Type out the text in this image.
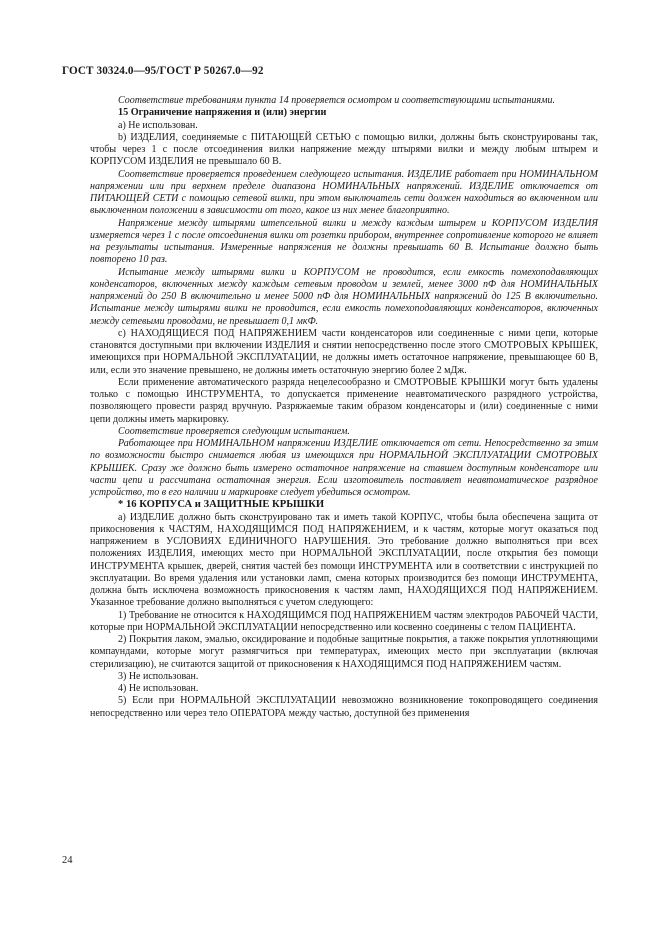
ГОСТ 30324.0—95/ГОСТ Р 50267.0—92

Соответствие требованиям пункта 14 проверяется осмотром и соответствующими испытаниями.

15 Ограничение напряжения и (или) энергии

a) Не использован.

b) ИЗДЕЛИЯ, соединяемые с ПИТАЮЩЕЙ СЕТЬЮ с помощью вилки, должны быть сконструированы так, чтобы через 1 с после отсоединения вилки напряжение между штырями вилки и между любым штырем и КОРПУСОМ ИЗДЕЛИЯ не превышало 60 В.

Соответствие проверяется проведением следующего испытания. ИЗДЕЛИЕ работает при НОМИНАЛЬНОМ напряжении или при верхнем пределе диапазона НОМИНАЛЬНЫХ напряжений. ИЗДЕЛИЕ отключается от ПИТАЮЩЕЙ СЕТИ с помощью сетевой вилки, при этом выключатель сети должен находиться во включенном или выключенном положении в зависимости от того, какое из них менее благоприятно.

Напряжение между штырями штепсельной вилки и между каждым штырем и КОРПУСОМ ИЗДЕЛИЯ измеряется через 1 с после отсоединения вилки от розетки прибором, внутреннее сопротивление которого не влияет на результаты испытания. Измеренные напряжения не должны превышать 60 В. Испытание должно быть повторено 10 раз.

Испытание между штырями вилки и КОРПУСОМ не проводится, если емкость помехоподавляющих конденсаторов, включенных между каждым сетевым проводом и землей, менее 3000 пФ для НОМИНАЛЬНЫХ напряжений до 250 В включительно и менее 5000 пФ для НОМИНАЛЬНЫХ напряжений до 125 В включительно. Испытание между штырями вилки не проводится, если емкость помехоподавляющих конденсаторов, включенных между сетевыми проводами, не превышает 0,1 мкФ.

c) НАХОДЯЩИЕСЯ ПОД НАПРЯЖЕНИЕМ части конденсаторов или соединенные с ними цепи, которые становятся доступными при включении ИЗДЕЛИЯ и снятии непосредственно после этого СМОТРОВЫХ КРЫШЕК, имеющихся при НОРМАЛЬНОЙ ЭКСПЛУАТАЦИИ, не должны иметь остаточное напряжение, превышающее 60 В, или, если это значение превышено, не должны иметь остаточную энергию более 2 мДж.

Если применение автоматического разряда нецелесообразно и СМОТРОВЫЕ КРЫШКИ могут быть удалены только с помощью ИНСТРУМЕНТА, то допускается применение неавтоматического разрядного устройства, позволяющего провести разряд вручную. Разряжаемые таким образом конденсаторы и (или) соединенные с ними цепи должны иметь маркировку.

Соответствие проверяется следующим испытанием.

Работающее при НОМИНАЛЬНОМ напряжении ИЗДЕЛИЕ отключается от сети. Непосредственно за этим по возможности быстро снимается любая из имеющихся при НОРМАЛЬНОЙ ЭКСПЛУАТАЦИИ СМОТРОВЫХ КРЫШЕК. Сразу же должно быть измерено остаточное напряжение на ставшем доступным конденсаторе или части цепи и рассчитана остаточная энергия. Если изготовитель поставляет неавтоматическое разрядное устройство, то в его наличии и маркировке следует убедиться осмотром.

* 16 КОРПУСА и ЗАЩИТНЫЕ КРЫШКИ

a) ИЗДЕЛИЕ должно быть сконструировано так и иметь такой КОРПУС, чтобы была обеспечена защита от прикосновения к ЧАСТЯМ, НАХОДЯЩИМСЯ ПОД НАПРЯЖЕНИЕМ, и к частям, которые могут оказаться под напряжением в УСЛОВИЯХ ЕДИНИЧНОГО НАРУШЕНИЯ. Это требование должно выполняться при всех положениях ИЗДЕЛИЯ, имеющих место при НОРМАЛЬНОЙ ЭКСПЛУАТАЦИИ, после открытия без помощи ИНСТРУМЕНТА крышек, дверей, снятия частей без помощи ИНСТРУМЕНТА или в соответствии с инструкцией по эксплуатации. Во время удаления или установки ламп, смена которых производится без помощи ИНСТРУМЕНТА, должна быть исключена возможность прикосновения к частям ламп, НАХОДЯЩИХСЯ ПОД НАПРЯЖЕНИЕМ. Указанное требование должно выполняться с учетом следующего:

1) Требование не относится к НАХОДЯЩИМСЯ ПОД НАПРЯЖЕНИЕМ частям электродов РАБОЧЕЙ ЧАСТИ, которые при НОРМАЛЬНОЙ ЭКСПЛУАТАЦИИ непосредственно или косвенно соединены с телом ПАЦИЕНТА.

2) Покрытия лаком, эмалью, оксидирование и подобные защитные покрытия, а также покрытия уплотняющими компаундами, которые могут размягчиться при температурах, имеющих место при эксплуатации (включая стерилизацию), не считаются защитой от прикосновения к НАХОДЯЩИМСЯ ПОД НАПРЯЖЕНИЕМ частям.

3) Не использован.

4) Не использован.

5) Если при НОРМАЛЬНОЙ ЭКСПЛУАТАЦИИ невозможно возникновение токопроводящего соединения непосредственно или через тело ОПЕРАТОРА между частью, доступной без применения

24
